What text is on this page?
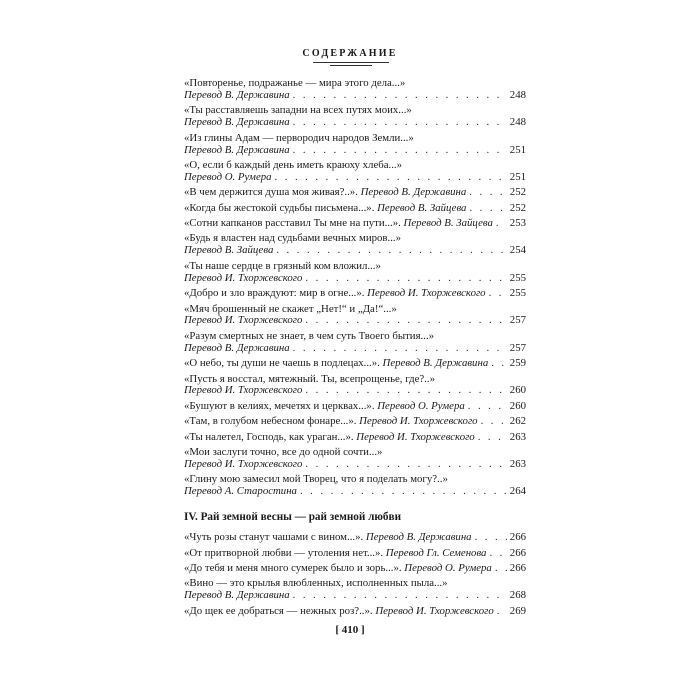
СОДЕРЖАНИЕ
«Повторенье, подражанье — мира этого дела...»
Перевод В. Державина . . .	248
«Ты расставляешь западни на всех путях моих...»
Перевод В. Державина . . .	248
«Из глины Адам — первородич народов Земли...»
Перевод В. Державина . . .	251
«О, если б каждый день иметь краюху хлеба...»
Перевод О. Румера . . .	251
«В чем держится душа моя живая?..».
Перевод В. Державина . . .	252
«Когда бы жестокой судьбы письмена...».
Перевод В. Зайцева . . .	252
«Сотни капканов расставил Ты мне на пути...».
Перевод В. Зайцева . . . 253
«Будь я властен над судьбами вечных миров...»
Перевод В. Зайцева . . .	254
«Ты наше сердце в грязный ком вложил...»
Перевод И. Тхоржевского . . .	255
«Добро и зло враждуют: мир в огне...».
Перевод И. Тхоржевского . . . 255
«Мяч брошенный не скажет „Нет!“ и „Да!“...»
Перевод И. Тхоржевского . . .	257
«Разум смертных не знает, в чем суть Твоего бытия...»
Перевод В. Державина . . .	257
«О небо, ты души не чаешь в подлецах...».
Перевод В. Державина . . . 259
«Пусть я восстал, мятежный. Ты, всепрощенье, где?..»
Перевод И. Тхоржевского . . .	260
«Бушуют в келиях, мечетях и церквах...».
Перевод О. Румера . . .	260
«Там, в голубом небесном фонаре...».
Перевод И. Тхоржевского . . .	262
«Ты налетел, Господь, как ураган...».
Перевод И. Тхоржевского . . .	263
«Мои заслуги точно, все до одной сочти...»
Перевод И. Тхоржевского . . .	263
«Глину мою замесил мой Творец, что я поделать могу?..»
Перевод А. Старостина . . .	264
IV. Рай земной весны — рай земной любви
«Чуть розы станут чашами с вином...».
Перевод В. Державина . . .	266
«От притворной любви — утоления нет...».
Перевод Гл. Семенова . . . 266
«До тебя и меня много сумерек было и зорь...».
Перевод О. Румера . . . 266
«Вино — это крылья влюбленных, исполненных пыла...»
Перевод В. Державина . . .	268
«До щек ее добраться — нежных роз?..».
Перевод И. Тхоржевского . . . 269
[ 410 ]
